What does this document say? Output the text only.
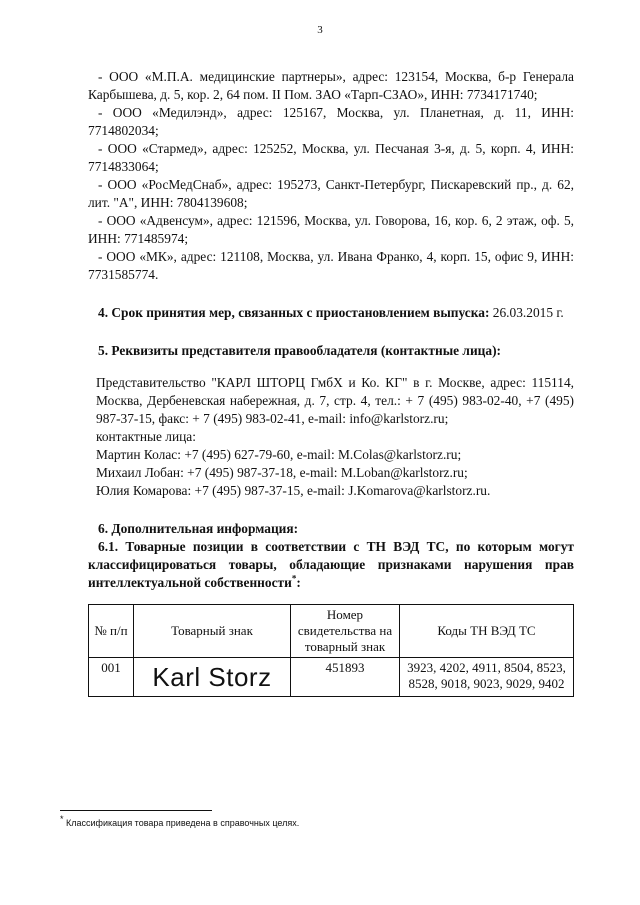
3

- ООО «М.П.А. медицинские партнеры», адрес: 123154, Москва, б-р Генерала Карбышева, д. 5, кор. 2, 64 пом. II Пом. ЗАО «Тарп-СЗАО», ИНН: 7734171740;

- ООО «Медилэнд», адрес: 125167, Москва, ул. Планетная, д. 11, ИНН: 7714802034;

- ООО «Стармед», адрес: 125252, Москва, ул. Песчаная 3-я, д. 5, корп. 4, ИНН: 7714833064;

- ООО «РосМедСнаб», адрес: 195273, Санкт-Петербург, Пискаревский пр., д. 62, лит. "А", ИНН: 7804139608;

- ООО «Адвенсум», адрес: 121596, Москва, ул. Говорова, 16, кор. 6, 2 этаж, оф. 5, ИНН: 771485974;

- ООО «МК», адрес: 121108, Москва, ул. Ивана Франко, 4, корп. 15, офис 9, ИНН: 7731585774.

4. Срок принятия мер, связанных с приостановлением выпуска: 26.03.2015 г.

5. Реквизиты представителя правообладателя (контактные лица):

Представительство "КАРЛ ШТОРЦ ГмбХ и Ко. КГ" в г. Москве, адрес: 115114, Москва, Дербеневская набережная, д. 7, стр. 4, тел.: + 7 (495) 983-02-40, +7 (495) 987-37-15, факс: + 7 (495) 983-02-41, e-mail: info@karlstorz.ru;

контактные лица:

Мартин Колас: +7 (495) 627-79-60, e-mail: M.Colas@karlstorz.ru;

Михаил Лобан: +7 (495) 987-37-18, e-mail: M.Loban@karlstorz.ru;

Юлия Комарова: +7 (495) 987-37-15, e-mail: J.Komarova@karlstorz.ru.

6. Дополнительная информация:

6.1. Товарные позиции в соответствии с ТН ВЭД ТС, по которым могут классифицироваться товары, обладающие признаками нарушения прав интеллектуальной собственности*:

№ п/п	Товарный знак	Номер свидетельства на товарный знак	Коды ТН ВЭД ТС
001	Karl Storz	451893	3923, 4202, 4911, 8504, 8523, 8528, 9018, 9023, 9029, 9402
* Классификация товара приведена в справочных целях.
